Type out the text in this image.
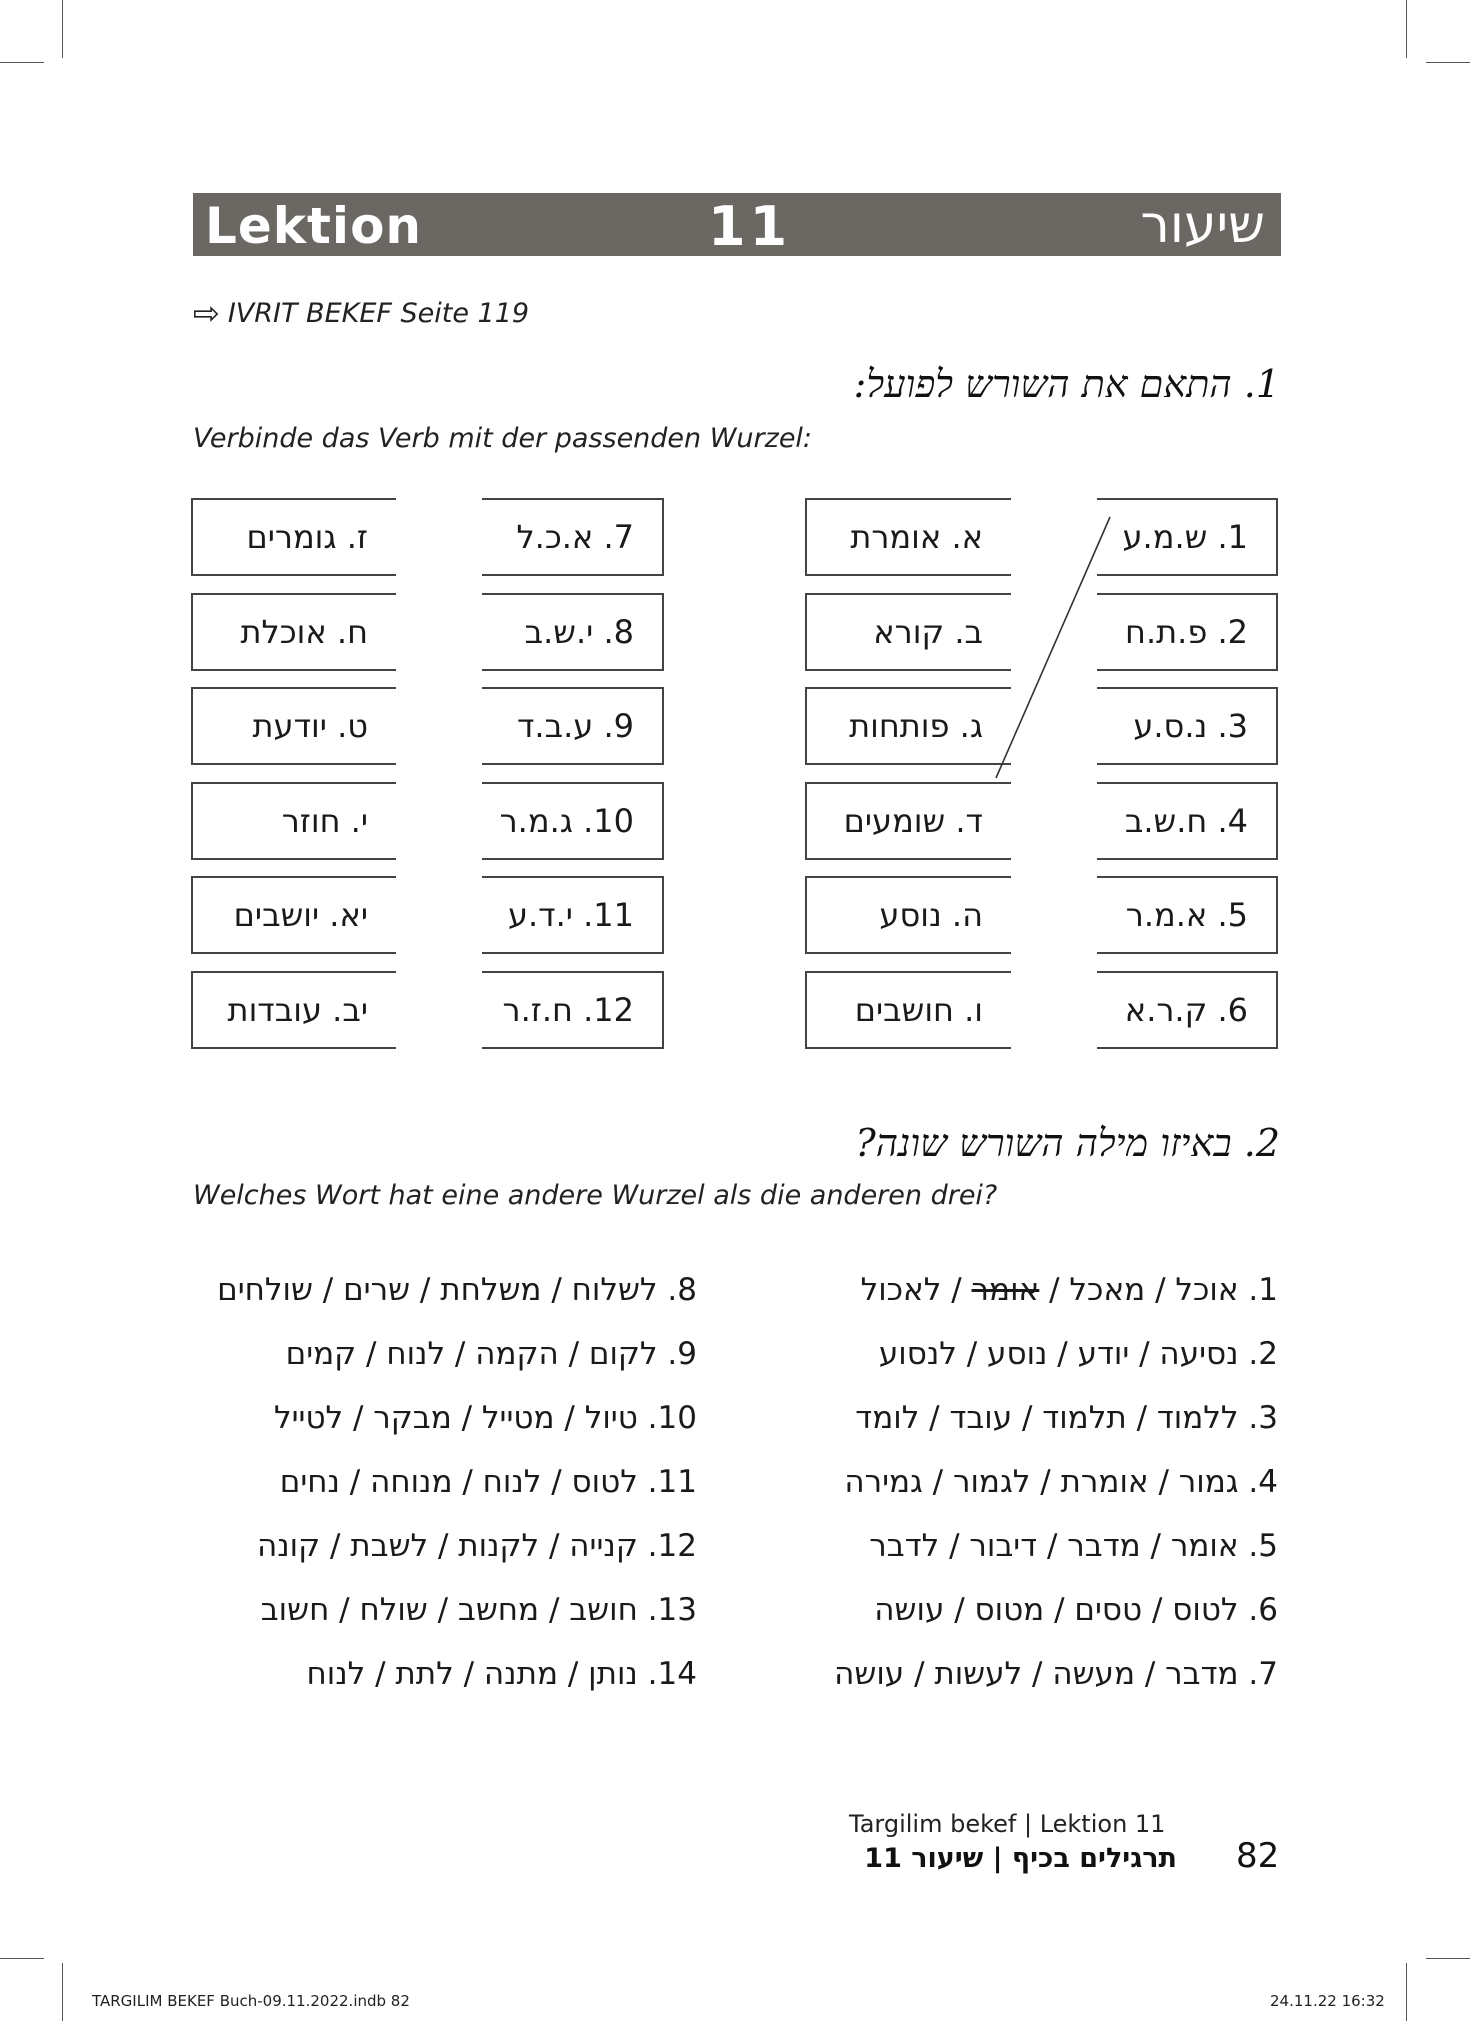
Lektion	11	שיעור
⇨ IVRIT BEKEF Seite 119
1. התאם את השורש לפועל:
Verbinde das Verb mit der passenden Wurzel:
1. ש.מ.ע
2. פ.ת.ח
3. נ.ס.ע
4. ח.ש.ב
5. א.מ.ר
6. ק.ר.א
א. אומרת
ב. קורא
ג. פותחות
ד. שומעים
ה. נוסע
ו. חושבים
7. א.כ.ל
8. י.ש.ב
9. ע.ב.ד
10. ג.מ.ר
11. י.ד.ע
12. ח.ז.ר
ז. גומרים
ח. אוכלת
ט. יודעת
י. חוזר
יא. יושבים
יב. עובדות
2. באיזו מילה השורש שונה?
Welches Wort hat eine andere Wurzel als die anderen drei?
1. אוכל / מאכל / אומר / לאכול
2. נסיעה / יודע / נוסע / לנסוע
3. ללמוד / תלמוד / עובד / לומד
4. גמור / אומרת / לגמור / גמירה
5. אומר / מדבר / דיבור / לדבר
6. לטוס / טסים / מטוס / עושה
7. מדבר / מעשה / לעשות / עושה
8. לשלוח / משלחת / שרים / שולחים
9. לקום / הקמה / לנוח / קמים
10. טיול / מטייל / מבקר / לטייל
11. לטוס / לנוח / מנוחה / נחים
12. קנייה / לקנות / לשבת / קונה
13. חושב / מחשב / שולח / חשוב
14. נותן / מתנה / לתת / לנוח
Targilim bekef | Lektion 11
תרגילים בכיף | שיעור 11 82
TARGILIM BEKEF Buch-09.11.2022.indb 82	24.11.22 16:32
